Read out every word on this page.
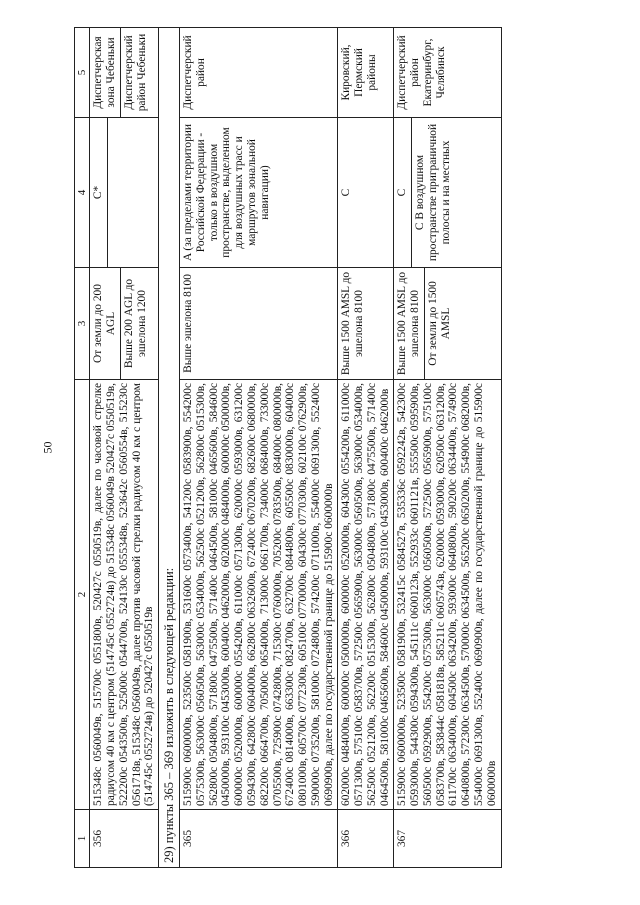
50
1	2	3	4	5
356	515348с 0560049в, 515700с 0551800в, 520427с 0550519в, далее по часовой стрелке радиусом 40 км с центром (514745с 0552724в) до 515348с 0560049в 520427с 0550519в, 522200с 0543500в, 525000с 0544700в, 524130с 0555348в, 523642с 0560554в, 515230с 0561718в, 515348с 0560049в, далее против часовой стрелки радиусом 40 км с центром (514745с 0552724в) до 520427с 0550519в	От земли до 200 AGL Выше 200 AGL до эшелона 1200	C*	Диспетчерская зона Чебеньки Диспетчерский район Чебеньки

29) пункты 365 – 369 изложить в следующей редакции:				
365	515900с 0600000в, 523500с 0581900в, 531600с 0573400в, 541200с 0583900в, 554200с 0575300в, 563000с 0560500в, 563000с 0534000в, 562500с 0521200в, 562800с 0515300в, 562800с 0504800в, 571800с 0475500в, 571400с 0464500в, 581000с 0465600в, 584600с 0450000в, 593100с 0453000в, 600400с 0462000в, 602000с 0484000в, 600000с 0500000в, 600000с 0520000в, 600000с 0554200в, 611000с 0571300в, 620000с 0593000в, 631200с 0594300в, 642800с 0604000в, 662800с 0632600в, 672400с 0670200в, 682600с 0680000в, 682200с 0664700в, 705000с 0654000в, 713000с 0661700в, 734000с 0684000в, 733000с 0705500в, 725900с 0742800в, 715300с 0760000в, 705200с 0783500в, 684000с 0800000в, 672400с 0814000в, 663300с 0824700в, 632700с 0844800в, 605500с 0830000в, 604000с 0801000в, 605700с 0772300в, 605100с 0770000в, 604300с 0770300в, 602100с 0762900в, 590000с 0735200в, 581000с 0724800в, 574200с 0711000в, 554000с 0691300в, 552400с 0690900в, далее по государственной границе до 515900с 0600000в	Выше эшелона 8100	A (за пределами территории Российской Федерации - только в воздушном пространстве, выделенном для воздушных трасс и маршрутов зональной навигации)	Диспетчерский район
366	602000с 0484000в, 600000с 0500000в, 600000с 0520000в, 604300с 0554200в, 611000с 0571300в, 575100с 0583700в, 572500с 0565900в, 563000с 0560500в, 563000с 0534000в, 562500с 0521200в, 562200с 0515300в, 562800с 0504800в, 571800с 0475500в, 571400с 0464500в, 581000с 0465600в, 584600с 0450000в, 593100с 0453000в, 600400с 0462000в	Выше 1500 AMSL до эшелона 8100	C	Кировский, Пермский районы
367	515900с 0600000в, 523500с 0581900в, 532415с 0584527в, 535336с 0592242в, 542300с 0593000в, 544300с 0594300в, 545111с 0600123в, 552933с 0601121в, 555500с 0595900в, 560500с 0592900в, 554200с 0575300в, 563000с 0560500в, 572500с 0565900в, 575100с 0583700в, 583844с 0581818в, 585211с 0605743в, 620000с 0593000в, 620500с 0631200в, 611700с 0634000в, 604500с 0634200в, 593000с 0640800в, 590200с 0634400в, 574900с 0640800в, 572300с 0634500в, 570000с 0634500в, 565200с 0650200в, 554900с 0682000в, 554000с 0691300в, 552400с 0690900в, далее по государственной границе до 515900с 0600000в	Выше 1500 AMSL до эшелона 8100 От земли до 1500 AMSL	C C В воздушном пространстве приграничной полосы и на местных	Диспетчерский район Екатеринбург, Челябинск
